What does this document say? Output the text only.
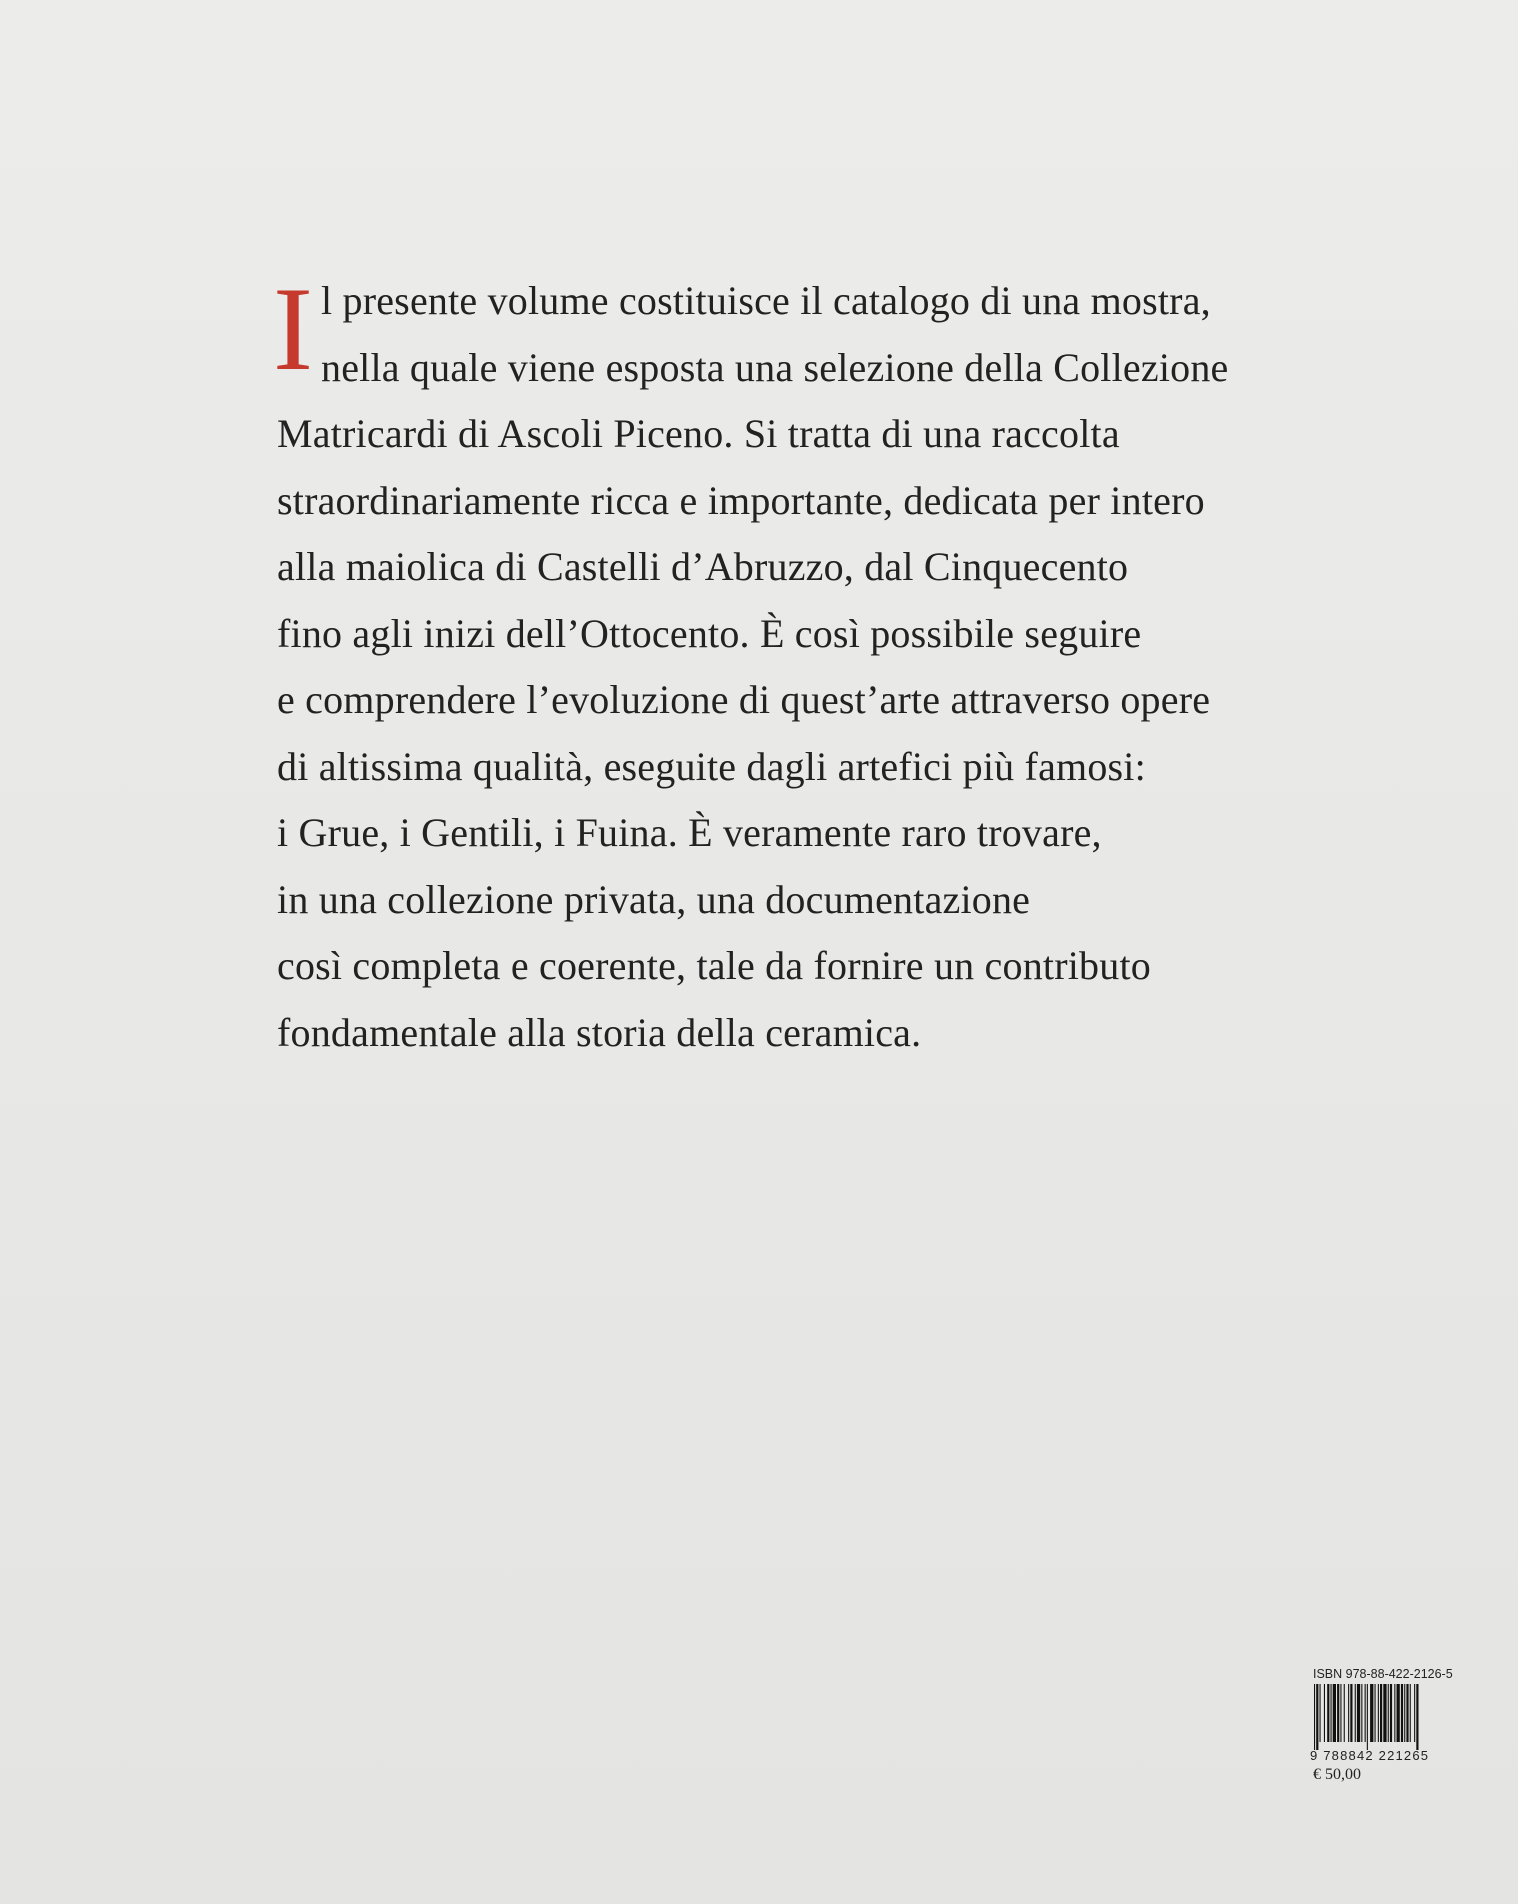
I l presente volume costituisce il catalogo di una mostra,
nella quale viene esposta una selezione della Collezione
Matricardi di Ascoli Piceno. Si tratta di una raccolta
straordinariamente ricca e importante, dedicata per intero
alla maiolica di Castelli d’Abruzzo, dal Cinquecento
fino agli inizi dell’Ottocento. È così possibile seguire
e comprendere l’evoluzione di quest’arte attraverso opere
di altissima qualità, eseguite dagli artefici più famosi:
i Grue, i Gentili, i Fuina. È veramente raro trovare,
in una collezione privata, una documentazione
così completa e coerente, tale da fornire un contributo
fondamentale alla storia della ceramica.
ISBN 978-88-422-2126-5
9 788842 221265
€ 50,00
